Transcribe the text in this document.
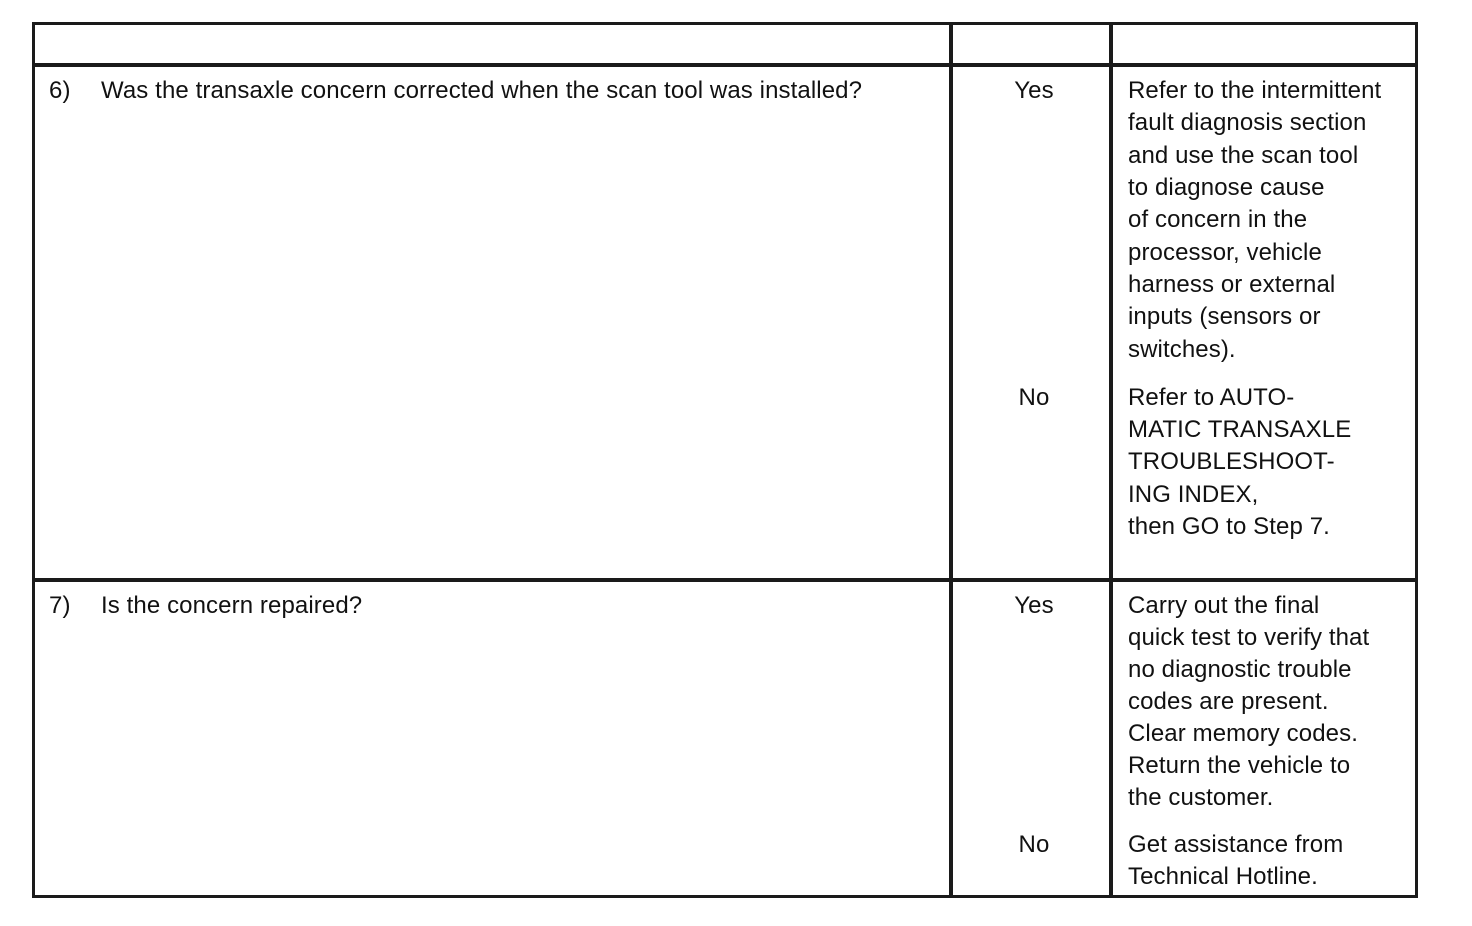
6) Was the transaxle concern corrected when the scan tool was installed?	Yes	Refer to the intermittent
fault diagnosis section
and use the scan tool
to diagnose cause
of concern in the
processor, vehicle
harness or external
inputs (sensors or
switches).
No	Refer to AUTO-
MATIC TRANSAXLE
TROUBLESHOOT-
ING INDEX,
then GO to Step 7.
7) Is the concern repaired?	Yes	Carry out the final
quick test to verify that
no diagnostic trouble
codes are present.
Clear memory codes.
Return the vehicle to
the customer.
No	Get assistance from
Technical Hotline.
